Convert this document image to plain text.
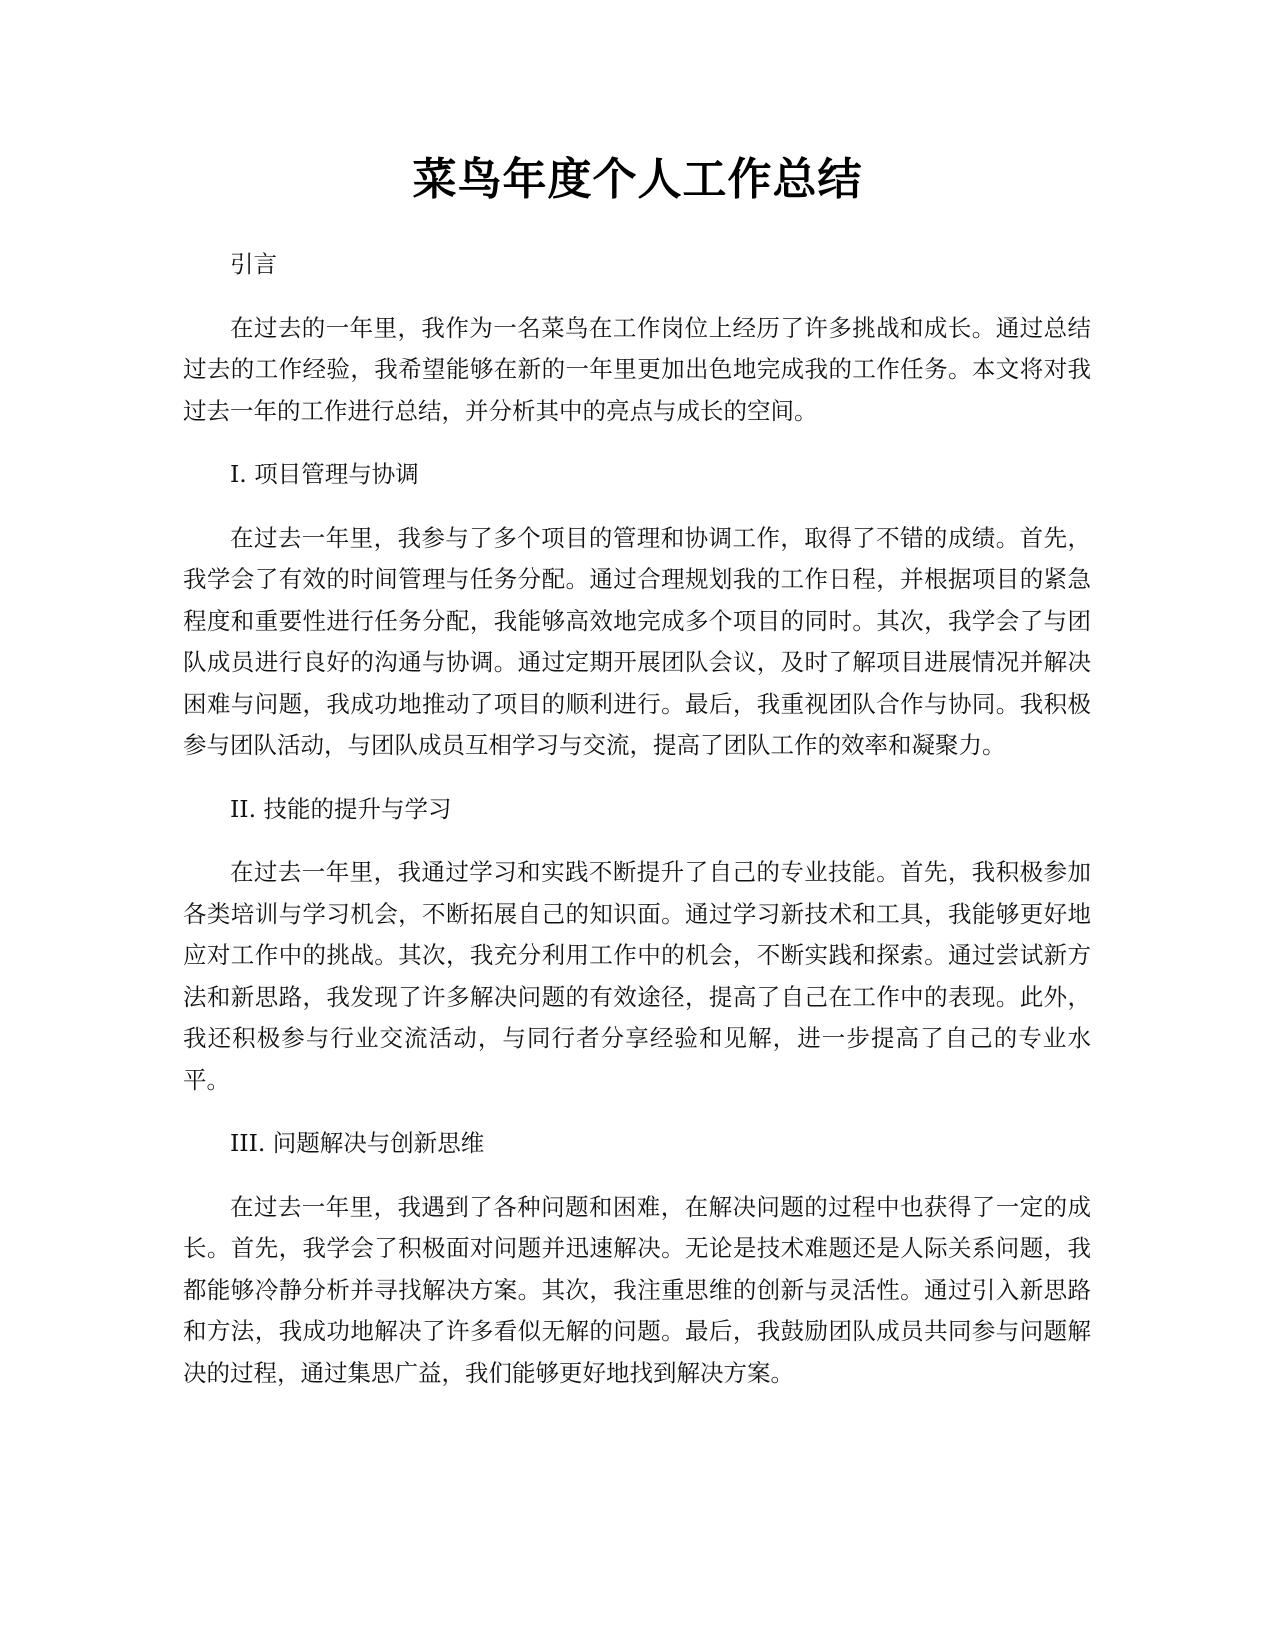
菜鸟年度个人工作总结

引言

在过去的一年里，我作为一名菜鸟在工作岗位上经历了许多挑战和成长。通过总结过去的工作经验，我希望能够在新的一年里更加出色地完成我的工作任务。本文将对我过去一年的工作进行总结，并分析其中的亮点与成长的空间。

I. 项目管理与协调

在过去一年里，我参与了多个项目的管理和协调工作，取得了不错的成绩。首先，我学会了有效的时间管理与任务分配。通过合理规划我的工作日程，并根据项目的紧急程度和重要性进行任务分配，我能够高效地完成多个项目的同时。其次，我学会了与团队成员进行良好的沟通与协调。通过定期开展团队会议，及时了解项目进展情况并解决困难与问题，我成功地推动了项目的顺利进行。最后，我重视团队合作与协同。我积极参与团队活动，与团队成员互相学习与交流，提高了团队工作的效率和凝聚力。

II. 技能的提升与学习

在过去一年里，我通过学习和实践不断提升了自己的专业技能。首先，我积极参加各类培训与学习机会，不断拓展自己的知识面。通过学习新技术和工具，我能够更好地应对工作中的挑战。其次，我充分利用工作中的机会，不断实践和探索。通过尝试新方法和新思路，我发现了许多解决问题的有效途径，提高了自己在工作中的表现。此外，我还积极参与行业交流活动，与同行者分享经验和见解，进一步提高了自己的专业水平。

III. 问题解决与创新思维

在过去一年里，我遇到了各种问题和困难，在解决问题的过程中也获得了一定的成长。首先，我学会了积极面对问题并迅速解决。无论是技术难题还是人际关系问题，我都能够冷静分析并寻找解决方案。其次，我注重思维的创新与灵活性。通过引入新思路和方法，我成功地解决了许多看似无解的问题。最后，我鼓励团队成员共同参与问题解决的过程，通过集思广益，我们能够更好地找到解决方案。
